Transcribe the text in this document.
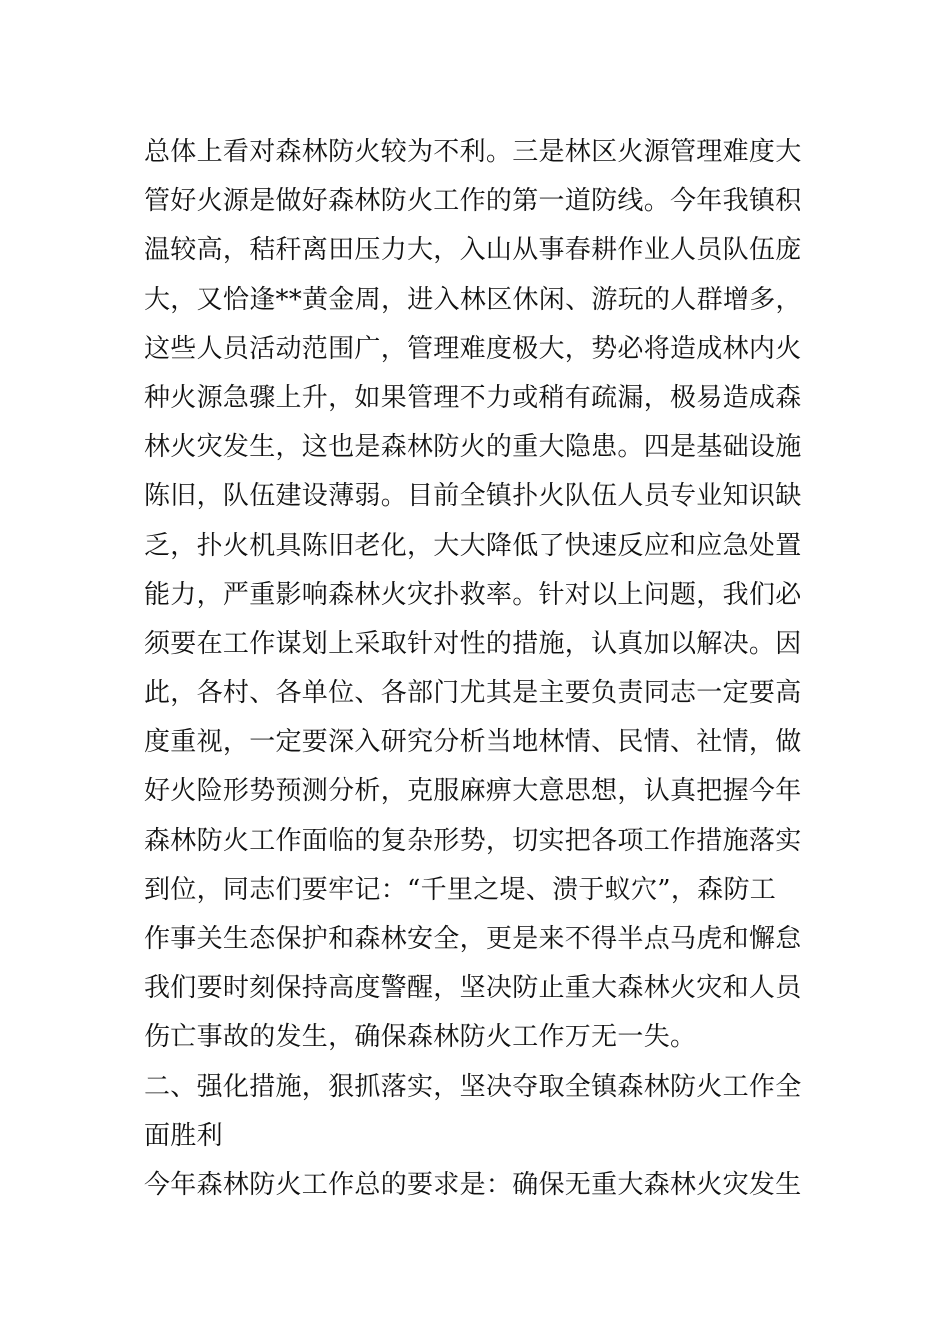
总体上看对森林防火较为不利。三是林区火源管理难度大
管好火源是做好森林防火工作的第一道防线。今年我镇积
温较高，秸秆离田压力大，入山从事春耕作业人员队伍庞
大，又恰逢**黄金周，进入林区休闲、游玩的人群增多，
这些人员活动范围广，管理难度极大，势必将造成林内火
种火源急骤上升，如果管理不力或稍有疏漏，极易造成森
林火灾发生，这也是森林防火的重大隐患。四是基础设施
陈旧，队伍建设薄弱。目前全镇扑火队伍人员专业知识缺
乏，扑火机具陈旧老化，大大降低了快速反应和应急处置
能力，严重影响森林火灾扑救率。针对以上问题，我们必
须要在工作谋划上采取针对性的措施，认真加以解决。因
此，各村、各单位、各部门尤其是主要负责同志一定要高
度重视，一定要深入研究分析当地林情、民情、社情，做
好火险形势预测分析，克服麻痹大意思想，认真把握今年
森林防火工作面临的复杂形势，切实把各项工作措施落实
到位，同志们要牢记：“千里之堤、溃于蚁穴”，森防工
作事关生态保护和森林安全，更是来不得半点马虎和懈怠
我们要时刻保持高度警醒，坚决防止重大森林火灾和人员
伤亡事故的发生，确保森林防火工作万无一失。
二、强化措施，狠抓落实，坚决夺取全镇森林防火工作全
面胜利
今年森林防火工作总的要求是：确保无重大森林火灾发生
